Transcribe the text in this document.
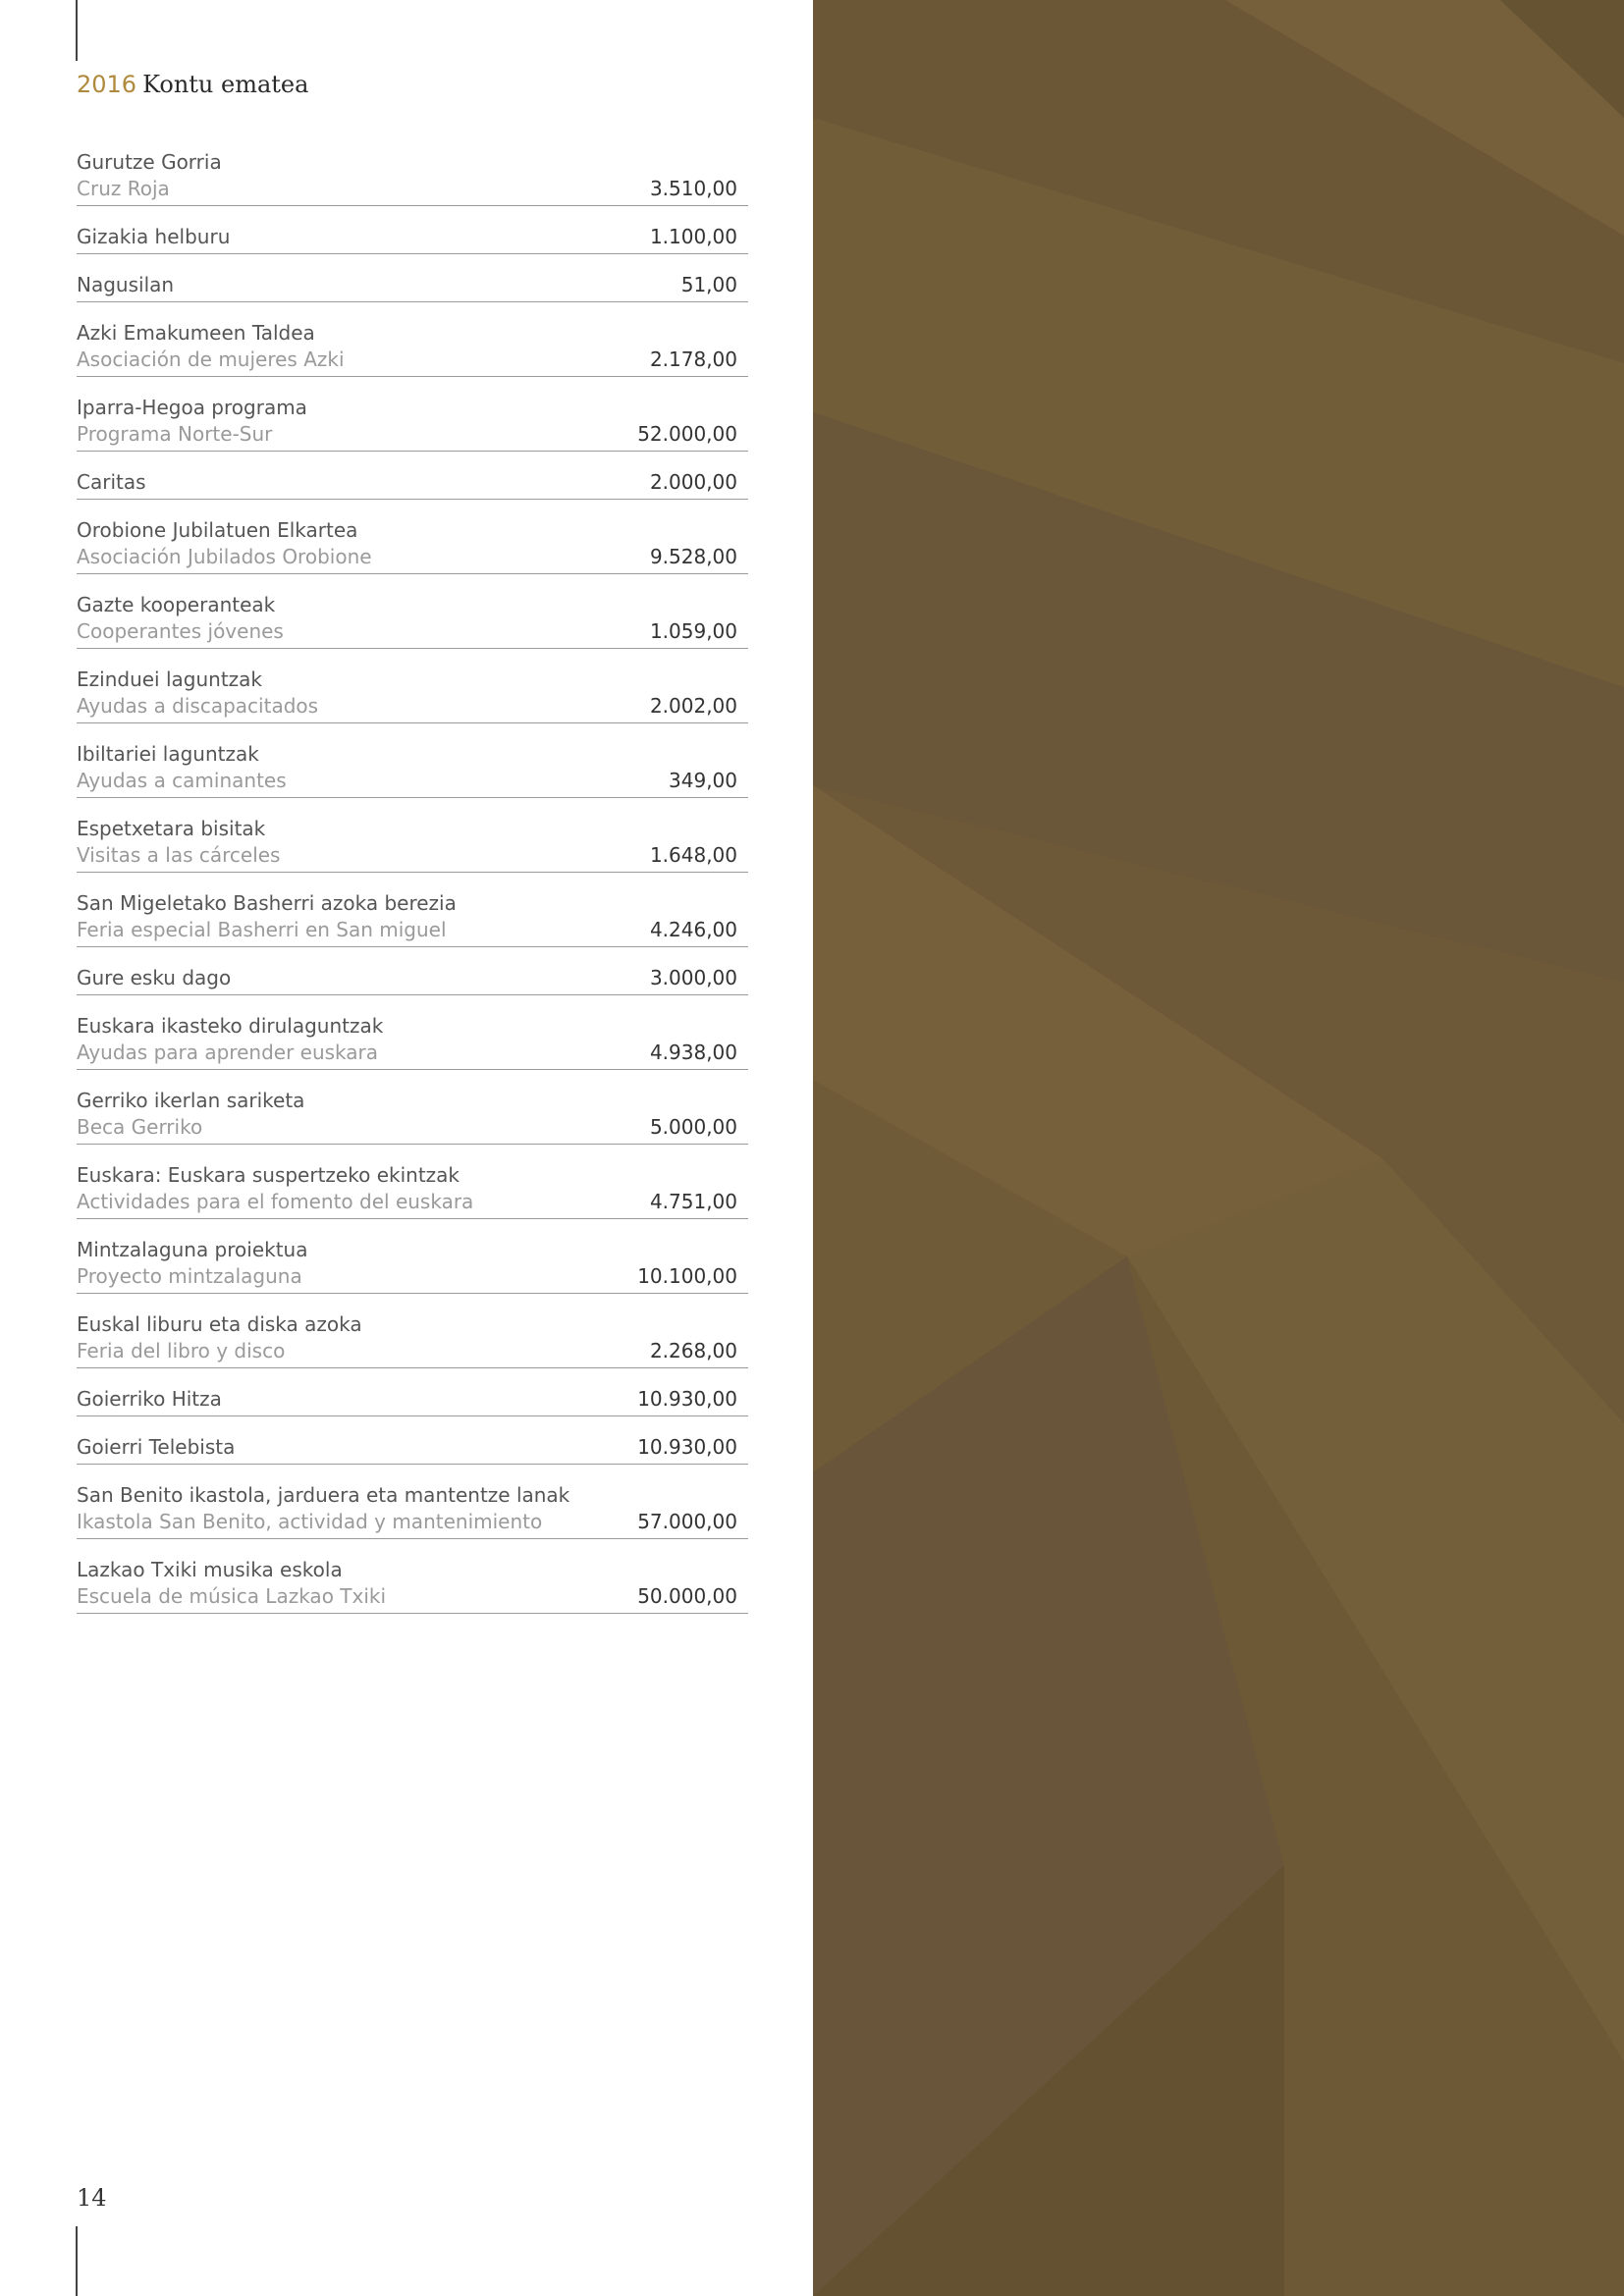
2016 Kontu ematea
Gurutze Gorria
Cruz Roja	3.510,00
Gizakia helburu	1.100,00
Nagusilan	51,00
Azki Emakumeen Taldea
Asociación de mujeres Azki	2.178,00
Iparra-Hegoa programa
Programa Norte-Sur	52.000,00
Caritas	2.000,00
Orobione Jubilatuen Elkartea
Asociación Jubilados Orobione	9.528,00
Gazte kooperanteak
Cooperantes jóvenes	1.059,00
Ezinduei laguntzak
Ayudas a discapacitados	2.002,00
Ibiltariei laguntzak
Ayudas a caminantes	349,00
Espetxetara bisitak
Visitas a las cárceles	1.648,00
San Migeletako Basherri azoka berezia
Feria especial Basherri en San miguel	4.246,00
Gure esku dago	3.000,00
Euskara ikasteko dirulaguntzak
Ayudas para aprender euskara	4.938,00
Gerriko ikerlan sariketa
Beca Gerriko	5.000,00
Euskara: Euskara suspertzeko ekintzak
Actividades para el fomento del euskara	4.751,00
Mintzalaguna proiektua
Proyecto mintzalaguna	10.100,00
Euskal liburu eta diska azoka
Feria del libro y disco	2.268,00
Goierriko Hitza	10.930,00
Goierri Telebista	10.930,00
San Benito ikastola, jarduera eta mantentze lanak
Ikastola San Benito, actividad y mantenimiento	57.000,00
Lazkao Txiki musika eskola
Escuela de música Lazkao Txiki	50.000,00
14
